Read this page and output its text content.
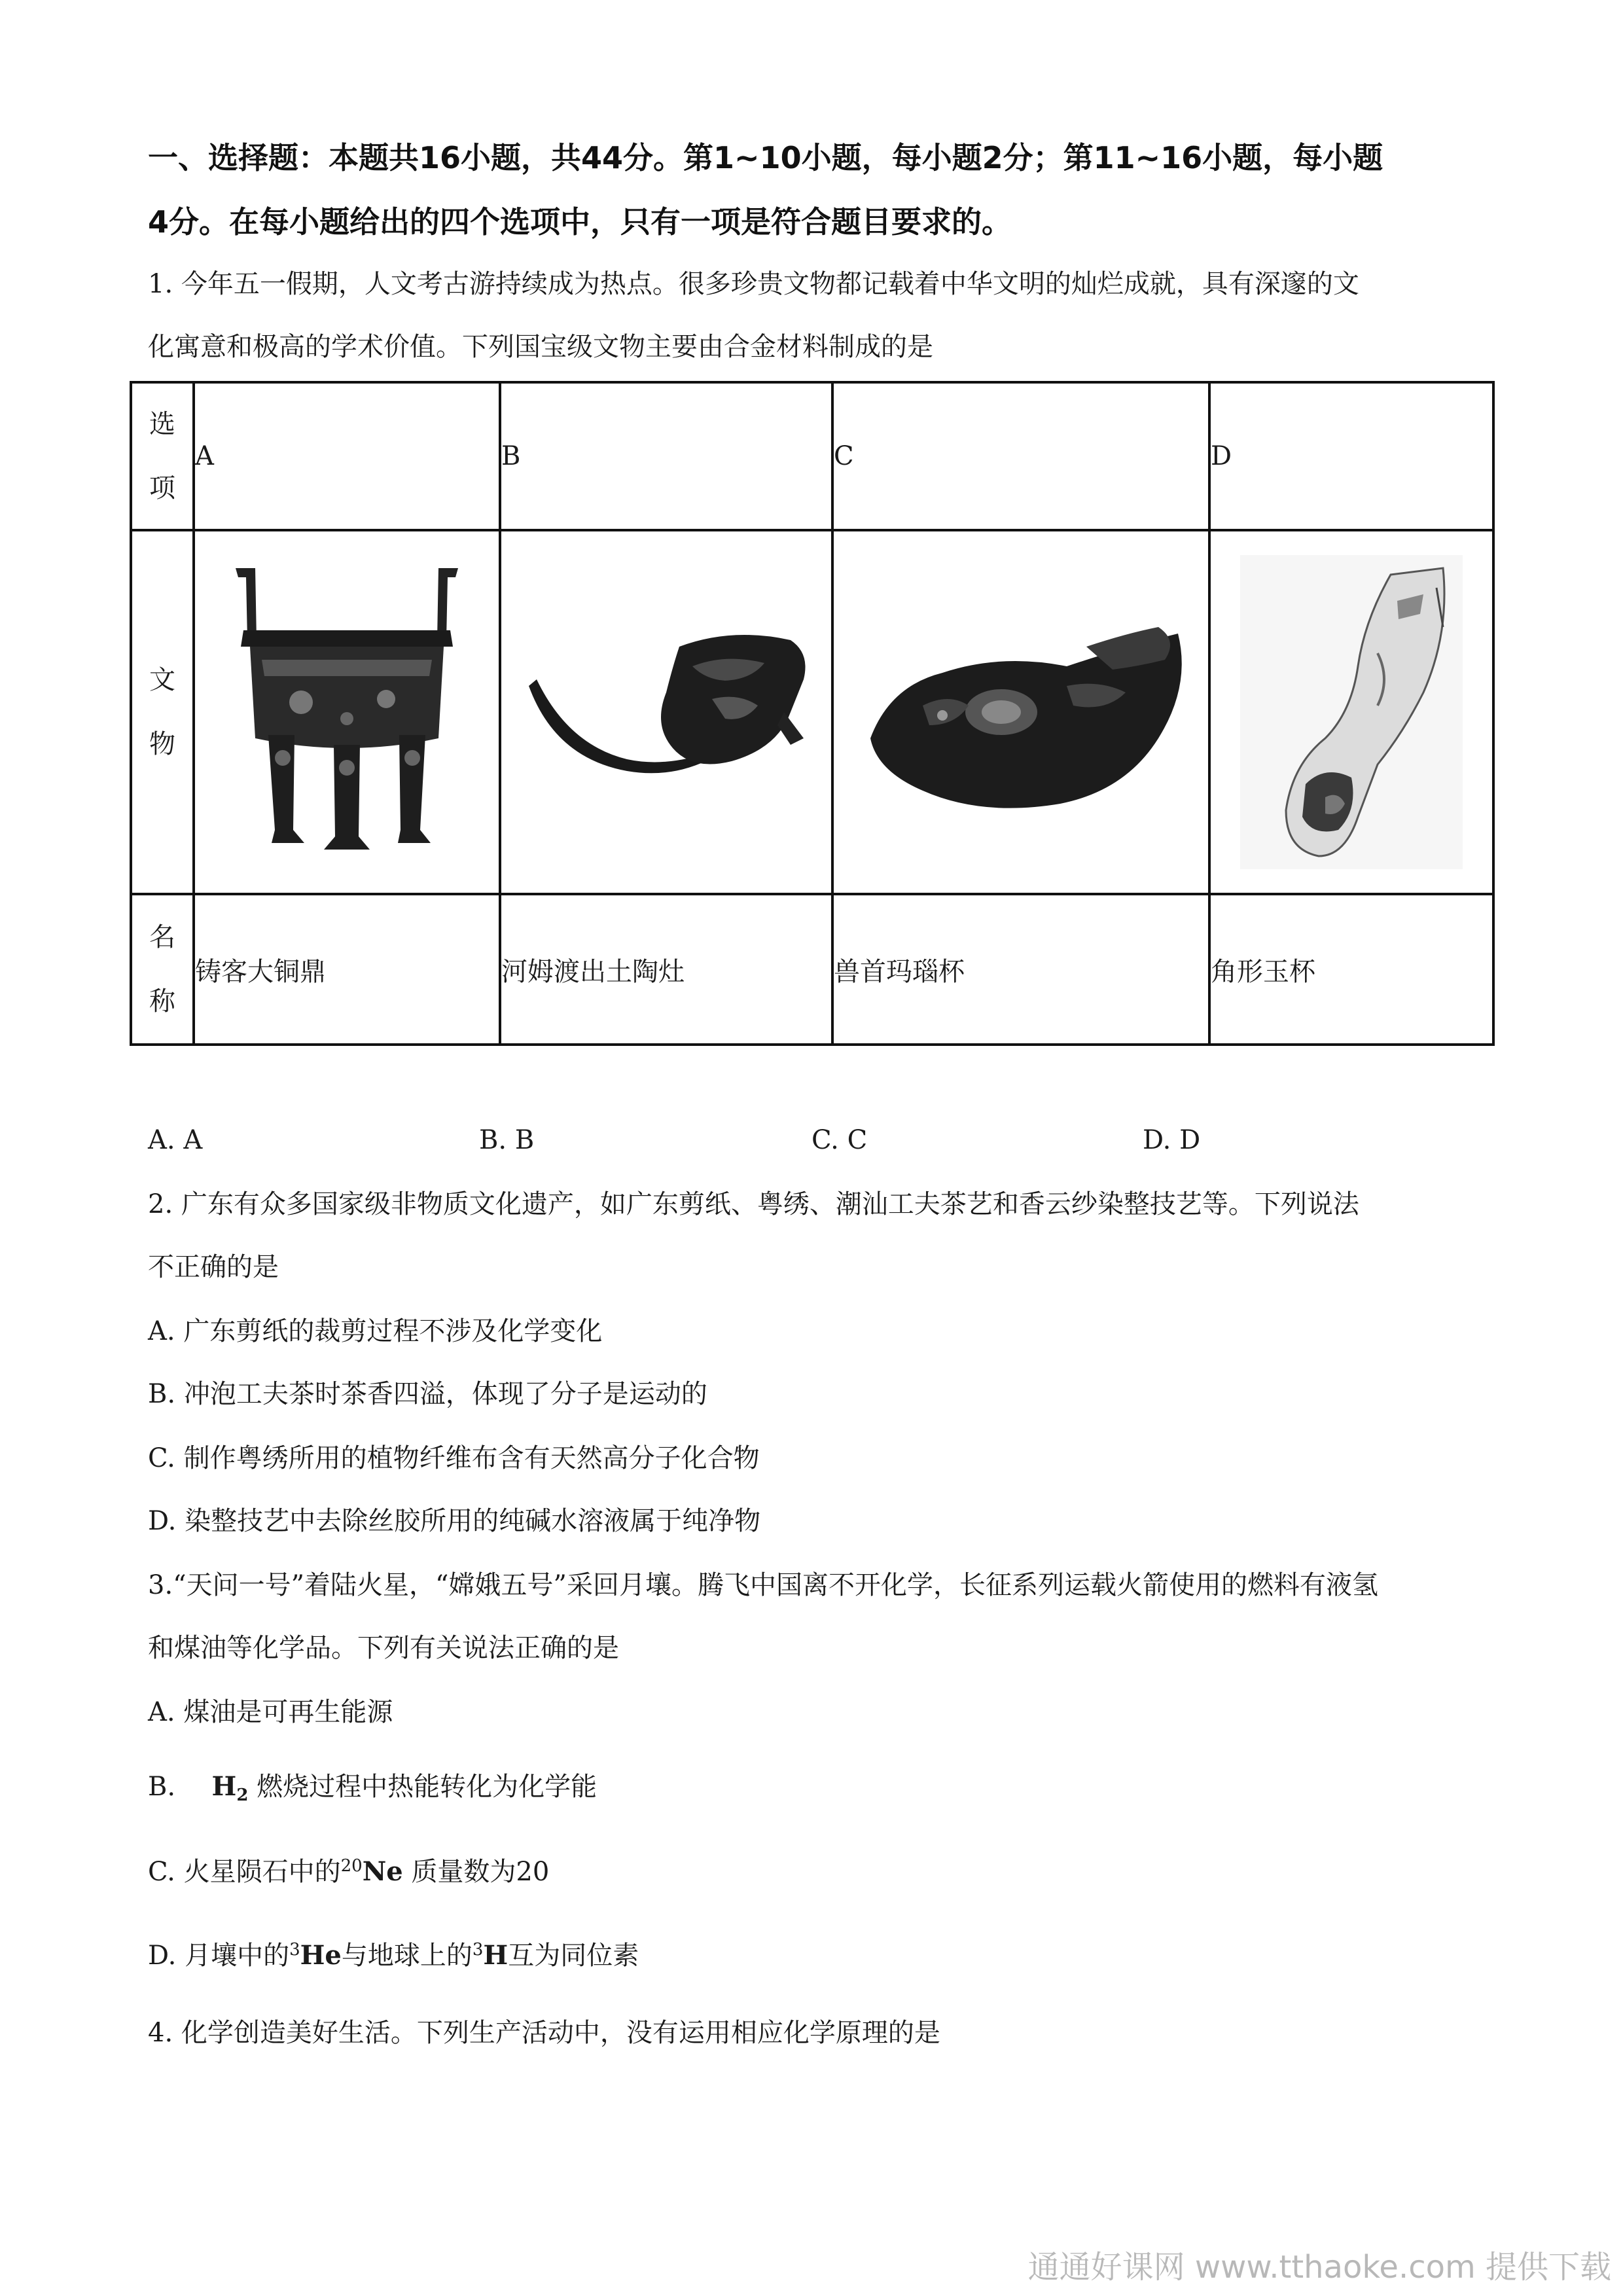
一、选择题：本题共16小题，共44分。第1~10小题，每小题2分；第11~16小题，每小题
4分。在每小题给出的四个选项中，只有一项是符合题目要求的。
1. 今年五一假期，人文考古游持续成为热点。很多珍贵文物都记载着中华文明的灿烂成就，具有深邃的文
化寓意和极高的学术价值。下列国宝级文物主要由合金材料制成的是
选
项	A	B	C	D

文
物

名
称	铸客大铜鼎	河姆渡出土陶灶	兽首玛瑙杯	角形玉杯
A. A	B. B	C. C	D. D
2. 广东有众多国家级非物质文化遗产，如广东剪纸、粤绣、潮汕工夫茶艺和香云纱染整技艺等。下列说法
不正确的是
A. 广东剪纸的裁剪过程不涉及化学变化
B. 冲泡工夫茶时茶香四溢，体现了分子是运动的
C. 制作粤绣所用的植物纤维布含有天然高分子化合物
D. 染整技艺中去除丝胶所用的纯碱水溶液属于纯净物
3.“天问一号”着陆火星，“嫦娥五号”采回月壤。腾飞中国离不开化学，长征系列运载火箭使用的燃料有液氢
和煤油等化学品。下列有关说法正确的是
A. 煤油是可再生能源
B. $H_2$ 燃烧过程中热能转化为化学能
C. 火星陨石中的$^{20}$Ne 质量数为20
D. 月壤中的$^3$He与地球上的$^3$H互为同位素
4. 化学创造美好生活。下列生产活动中，没有运用相应化学原理的是
通通好课网 www.tthaoke.com 提供下载
